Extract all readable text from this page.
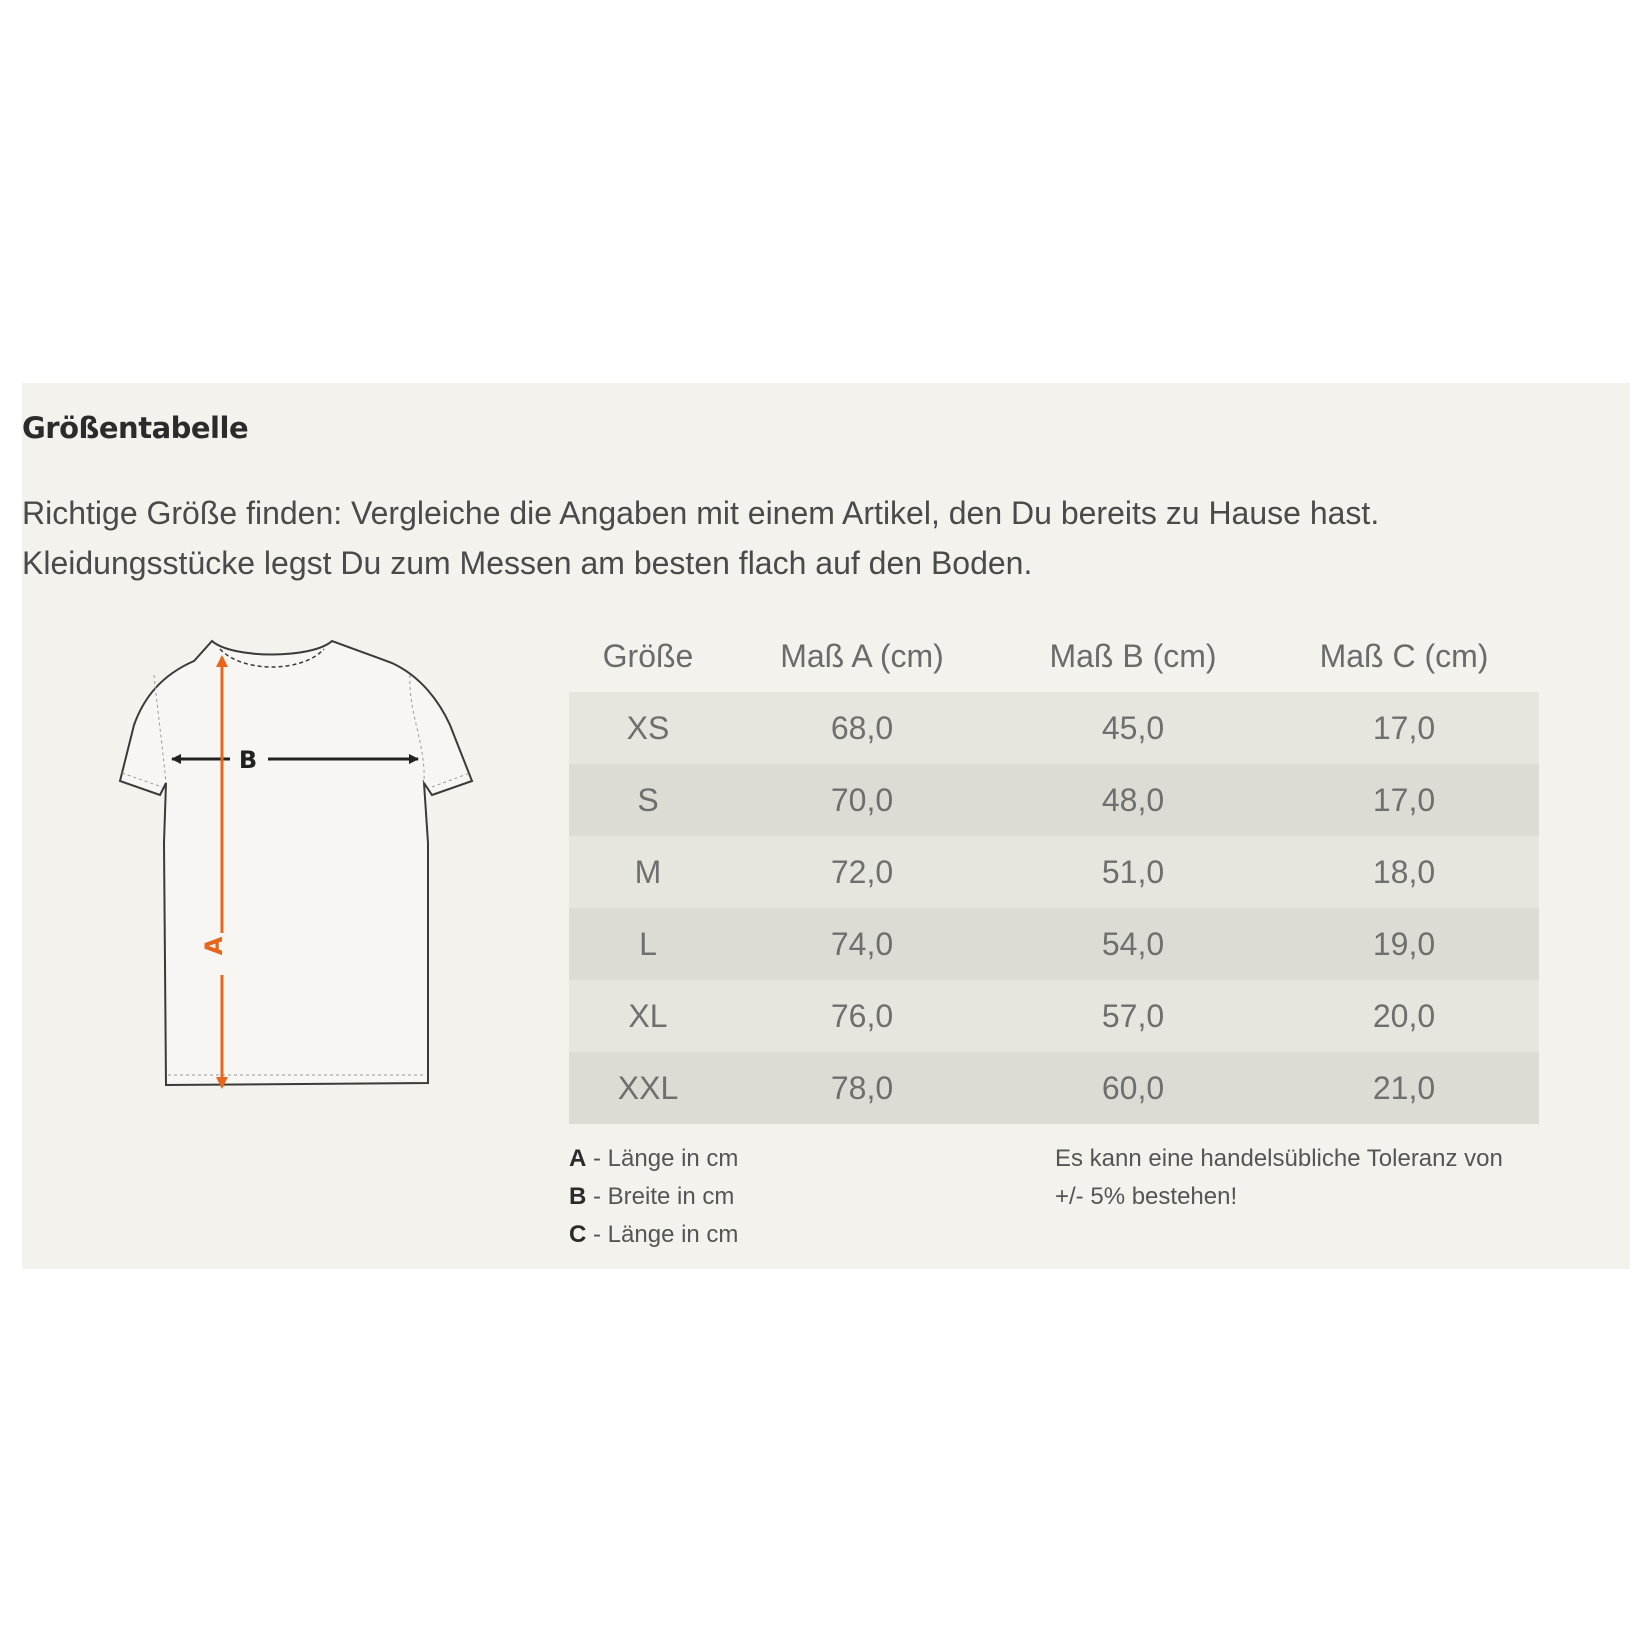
Größentabelle
Richtige Größe finden: Vergleiche die Angaben mit einem Artikel, den Du bereits zu Hause hast.
Kleidungsstücke legst Du zum Messen am besten flach auf den Boden.
B
A
Größe	Maß A (cm)	Maß B (cm)	Maß C (cm)
XS	68,0	45,0	17,0
S	70,0	48,0	17,0
M	72,0	51,0	18,0
L	74,0	54,0	19,0
XL	76,0	57,0	20,0
XXL	78,0	60,0	21,0
A - Länge in cm
B - Breite in cm
C - Länge in cm
Es kann eine handelsübliche Toleranz von
+/- 5% bestehen!
